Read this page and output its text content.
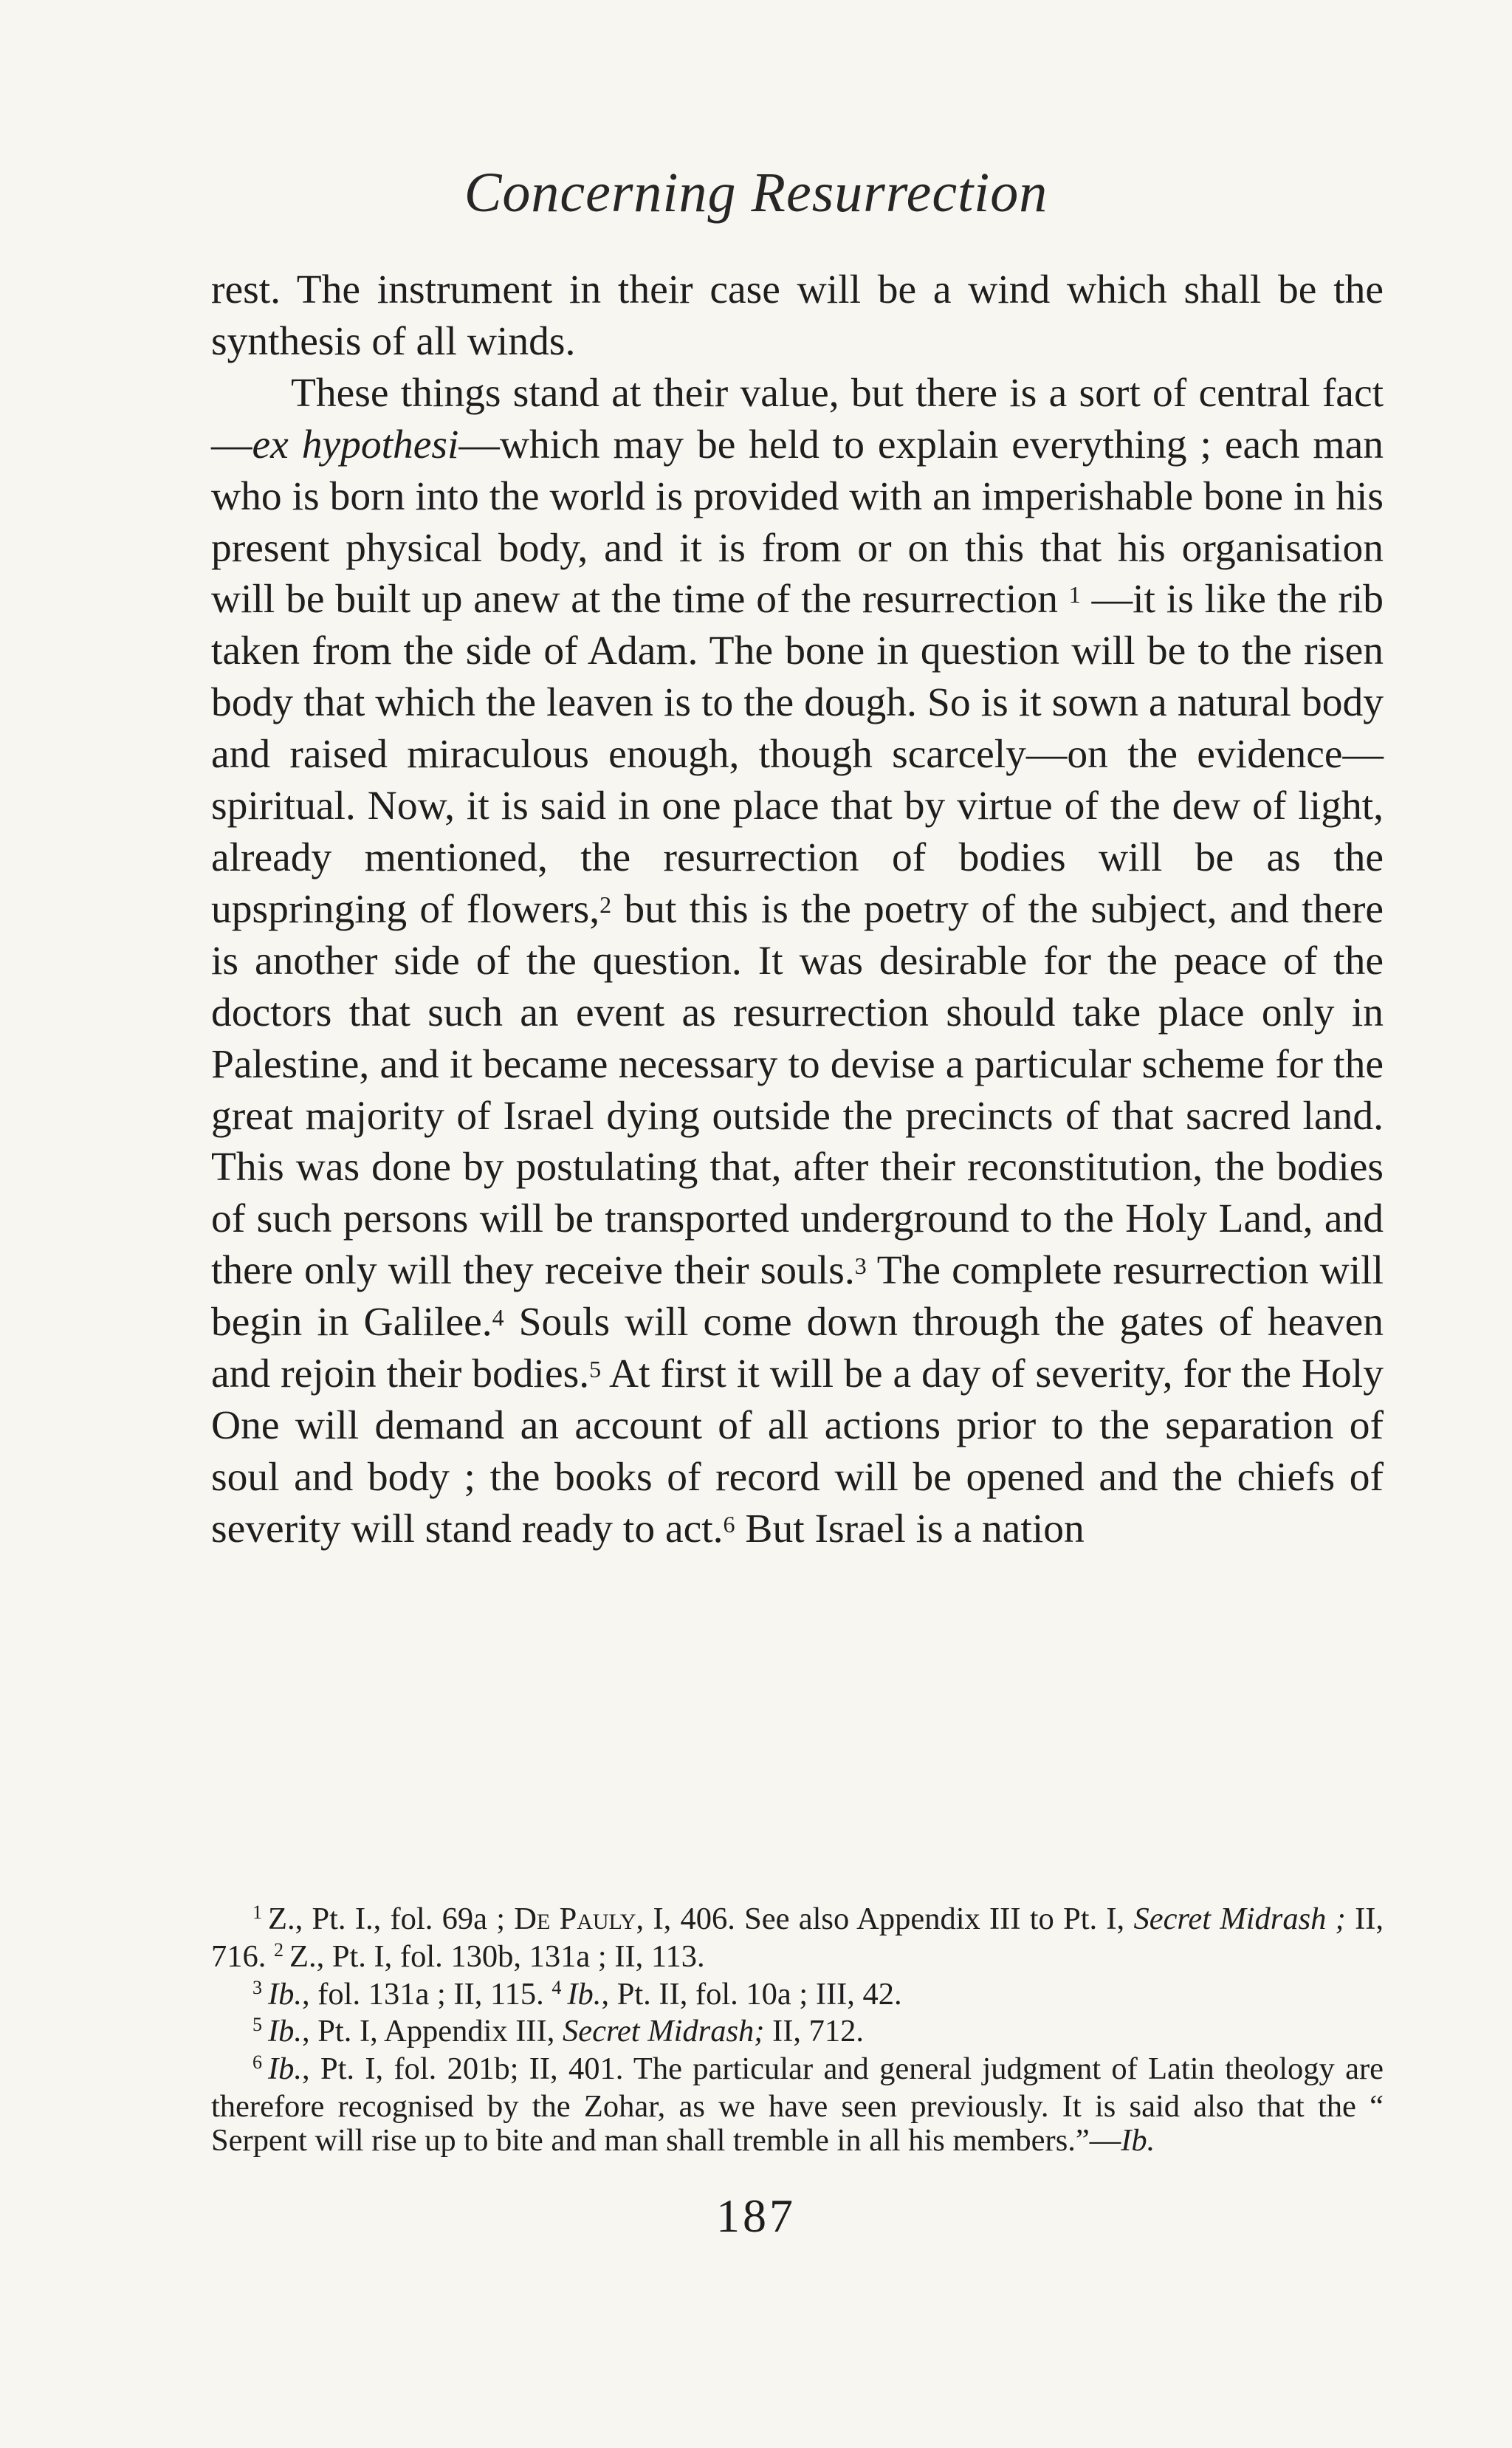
Concerning Resurrection

rest. The instrument in their case will be a wind which shall be the synthesis of all winds.

These things stand at their value, but there is a sort of central fact—ex hypothesi—which may be held to explain everything ; each man who is born into the world is provided with an imperishable bone in his present physical body, and it is from or on this that his organisation will be built up anew at the time of the resurrection $^1$ —it is like the rib taken from the side of Adam. The bone in question will be to the risen body that which the leaven is to the dough. So is it sown a natural body and raised miraculous enough, though scarcely—on the evidence—spiritual. Now, it is said in one place that by virtue of the dew of light, already mentioned, the resurrection of bodies will be as the upspringing of flowers,$^2$ but this is the poetry of the subject, and there is another side of the question. It was desirable for the peace of the doctors that such an event as resurrection should take place only in Palestine, and it became necessary to devise a particular scheme for the great majority of Israel dying outside the precincts of that sacred land. This was done by postulating that, after their reconstitution, the bodies of such persons will be transported underground to the Holy Land, and there only will they receive their souls.$^3$ The complete resurrection will begin in Galilee.$^4$ Souls will come down through the gates of heaven and rejoin their bodies.$^5$ At first it will be a day of severity, for the Holy One will demand an account of all actions prior to the separation of soul and body ; the books of record will be opened and the chiefs of severity will stand ready to act.$^6$ But Israel is a nation

$^1$ Z., Pt. I., fol. 69a ; De Pauly, I, 406. See also Appendix III to Pt. I, Secret Midrash ; II, 716. $^2$ Z., Pt. I, fol. 130b, 131a ; II, 113.

$^3$ Ib., fol. 131a ; II, 115. $^4$ Ib., Pt. II, fol. 10a ; III, 42.

$^5$ Ib., Pt. I, Appendix III, Secret Midrash; II, 712.

$^6$ Ib., Pt. I, fol. 201b; II, 401. The particular and general judgment of Latin theology are therefore recognised by the Zohar, as we have seen previously. It is said also that the “ Serpent will rise up to bite and man shall tremble in all his members.”—Ib.

187
